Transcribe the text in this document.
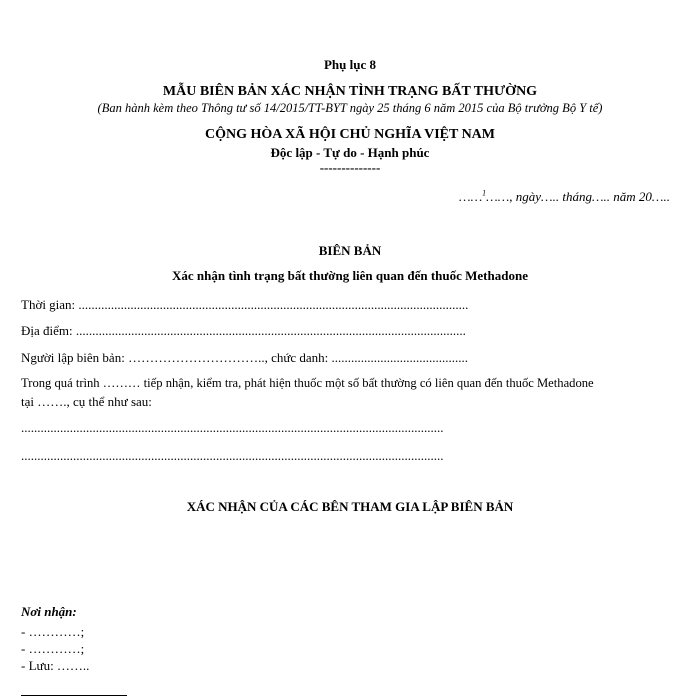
Phụ lục 8
MẪU BIÊN BẢN XÁC NHẬN TÌNH TRẠNG BẤT THƯỜNG
(Ban hành kèm theo Thông tư số 14/2015/TT-BYT ngày 25 tháng 6 năm 2015 của Bộ trưởng Bộ Y tế)
CỘNG HÒA XÃ HỘI CHỦ NGHĨA VIỆT NAM
Độc lập - Tự do - Hạnh phúc
--------------
……$^1$……, ngày….. tháng….. năm 20…..
BIÊN BẢN
Xác nhận tình trạng bất thường liên quan đến thuốc Methadone
Thời gian: ........................................................................................................................
Địa điểm: ........................................................................................................................
Người lập biên bản: ………………………….., chức danh: ..........................................
Trong quá trình ……… tiếp nhận, kiểm tra, phát hiện thuốc một số bất thường có liên quan đến thuốc Methadone
tại ……., cụ thể như sau:
..................................................................................................................................
..................................................................................................................................
XÁC NHẬN CỦA CÁC BÊN THAM GIA LẬP BIÊN BẢN
Nơi nhận:
- …………;
- …………;
- Lưu: ……..
